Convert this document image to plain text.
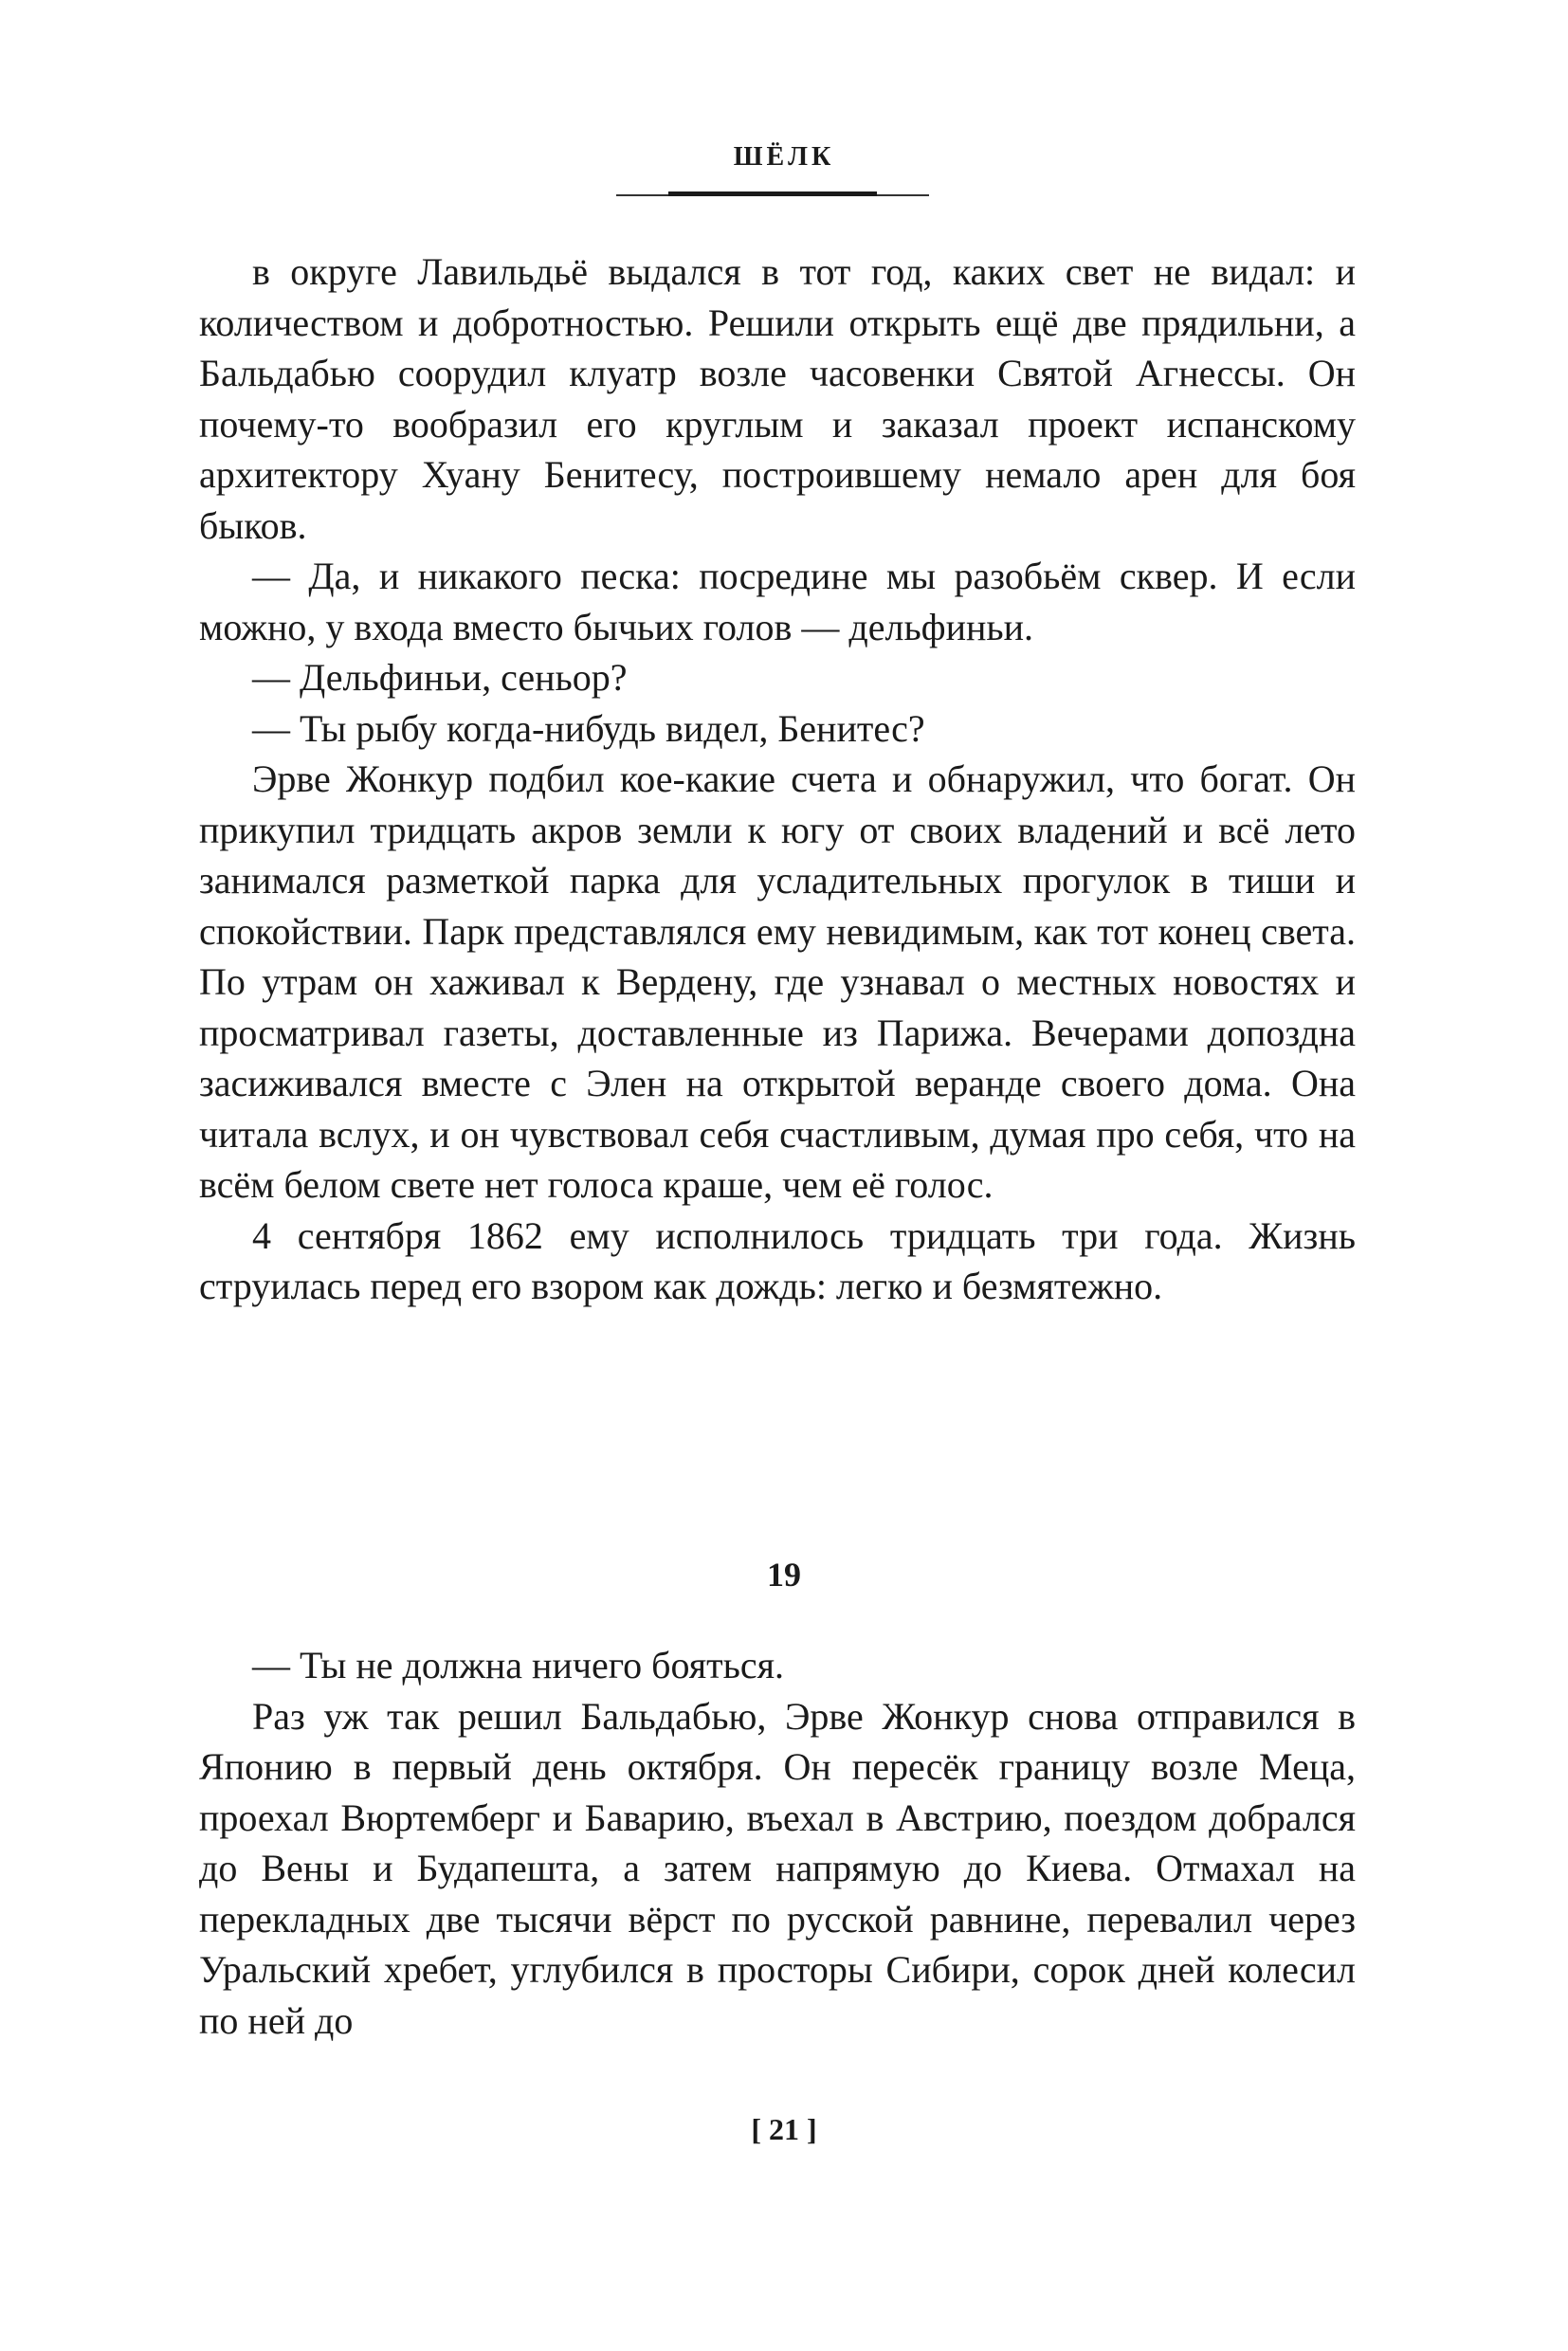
ШЁЛК

в округе Лавильдьё выдался в тот год, каких свет не видал: и количеством и добротностью. Решили открыть ещё две прядильни, а Бальдабью соорудил клуатр возле часовенки Святой Агнессы. Он почему-то вообразил его круглым и заказал проект испанскому архитектору Хуану Бенитесу, построившему немало арен для боя быков.

— Да, и никакого песка: посредине мы разобьём сквер. И если можно, у входа вместо бычьих голов — дельфиньи.

— Дельфиньи, сеньор?

— Ты рыбу когда-нибудь видел, Бенитес?

Эрве Жонкур подбил кое-какие счета и обнаружил, что богат. Он прикупил тридцать акров земли к югу от своих владений и всё лето занимался разметкой парка для усладительных прогулок в тиши и спокойствии. Парк представлялся ему невидимым, как тот конец света. По утрам он хаживал к Вердену, где узнавал о местных новостях и просматривал газеты, доставленные из Парижа. Вечерами допоздна засиживался вместе с Элен на открытой веранде своего дома. Она читала вслух, и он чувствовал себя счастливым, думая про себя, что на всём белом свете нет голоса краше, чем её голос.

4 сентября 1862 ему исполнилось тридцать три года. Жизнь струилась перед его взором как дождь: легко и безмятежно.

19

— Ты не должна ничего бояться.

Раз уж так решил Бальдабью, Эрве Жонкур снова отправился в Японию в первый день октября. Он пересёк границу возле Меца, проехал Вюртемберг и Баварию, въехал в Австрию, поездом добрался до Вены и Будапешта, а затем напрямую до Киева. Отмахал на перекладных две тысячи вёрст по русской равнине, перевалил через Уральский хребет, углубился в просторы Сибири, сорок дней колесил по ней до

[ 21 ]
